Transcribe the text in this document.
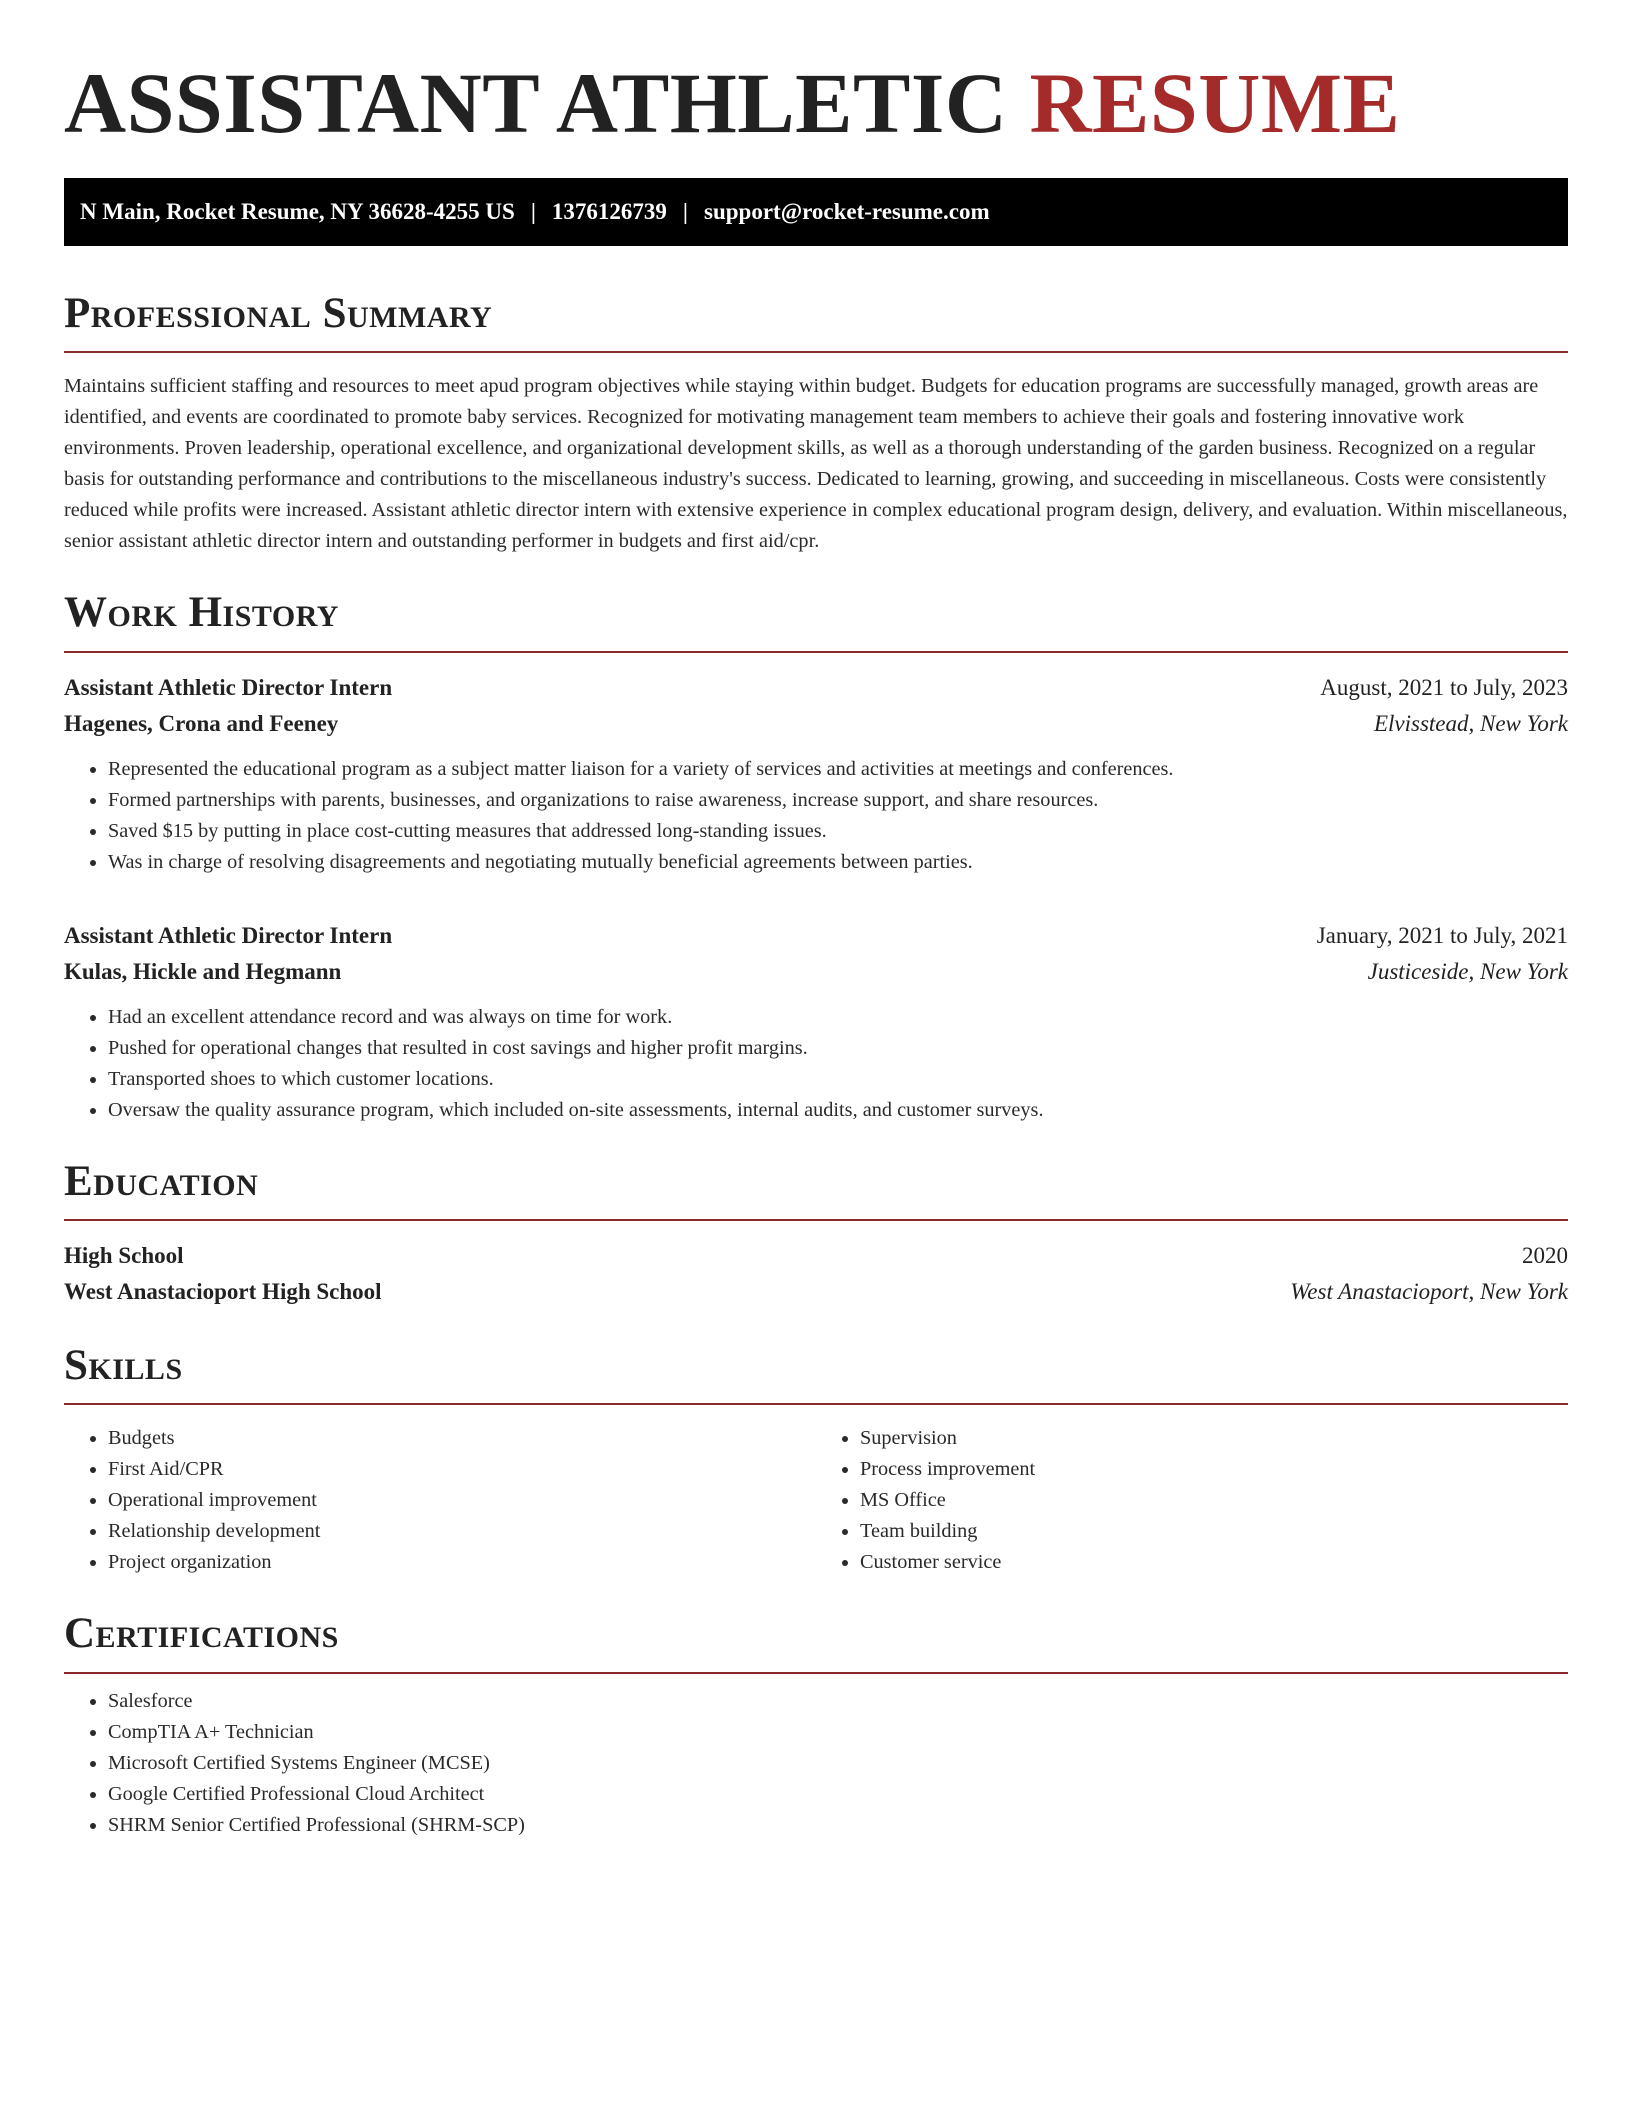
ASSISTANT ATHLETIC RESUME
N Main, Rocket Resume, NY 36628-4255 US | 1376126739 | support@rocket-resume.com
Professional Summary

Maintains sufficient staffing and resources to meet apud program objectives while staying within budget. Budgets for education programs are successfully managed, growth areas are identified, and events are coordinated to promote baby services. Recognized for motivating management team members to achieve their goals and fostering innovative work environments. Proven leadership, operational excellence, and organizational development skills, as well as a thorough understanding of the garden business. Recognized on a regular basis for outstanding performance and contributions to the miscellaneous industry's success. Dedicated to learning, growing, and succeeding in miscellaneous. Costs were consistently reduced while profits were increased. Assistant athletic director intern with extensive experience in complex educational program design, delivery, and evaluation. Within miscellaneous, senior assistant athletic director intern and outstanding performer in budgets and first aid/cpr.

Work History
Assistant Athletic Director Intern	August, 2021 to July, 2023
Hagenes, Crona and Feeney	Elvisstead, New York
• Represented the educational program as a subject matter liaison for a variety of services and activities at meetings and conferences.
• Formed partnerships with parents, businesses, and organizations to raise awareness, increase support, and share resources.
• Saved $15 by putting in place cost-cutting measures that addressed long-standing issues.
• Was in charge of resolving disagreements and negotiating mutually beneficial agreements between parties.
Assistant Athletic Director Intern	January, 2021 to July, 2021
Kulas, Hickle and Hegmann	Justiceside, New York
• Had an excellent attendance record and was always on time for work.
• Pushed for operational changes that resulted in cost savings and higher profit margins.
• Transported shoes to which customer locations.
• Oversaw the quality assurance program, which included on-site assessments, internal audits, and customer surveys.
Education
High School	2020
West Anastacioport High School	West Anastacioport, New York
Skills
• Budgets
• First Aid/CPR
• Operational improvement
• Relationship development
• Project organization
• Supervision
• Process improvement
• MS Office
• Team building
• Customer service
Certifications
• Salesforce
• CompTIA A+ Technician
• Microsoft Certified Systems Engineer (MCSE)
• Google Certified Professional Cloud Architect
• SHRM Senior Certified Professional (SHRM-SCP)
